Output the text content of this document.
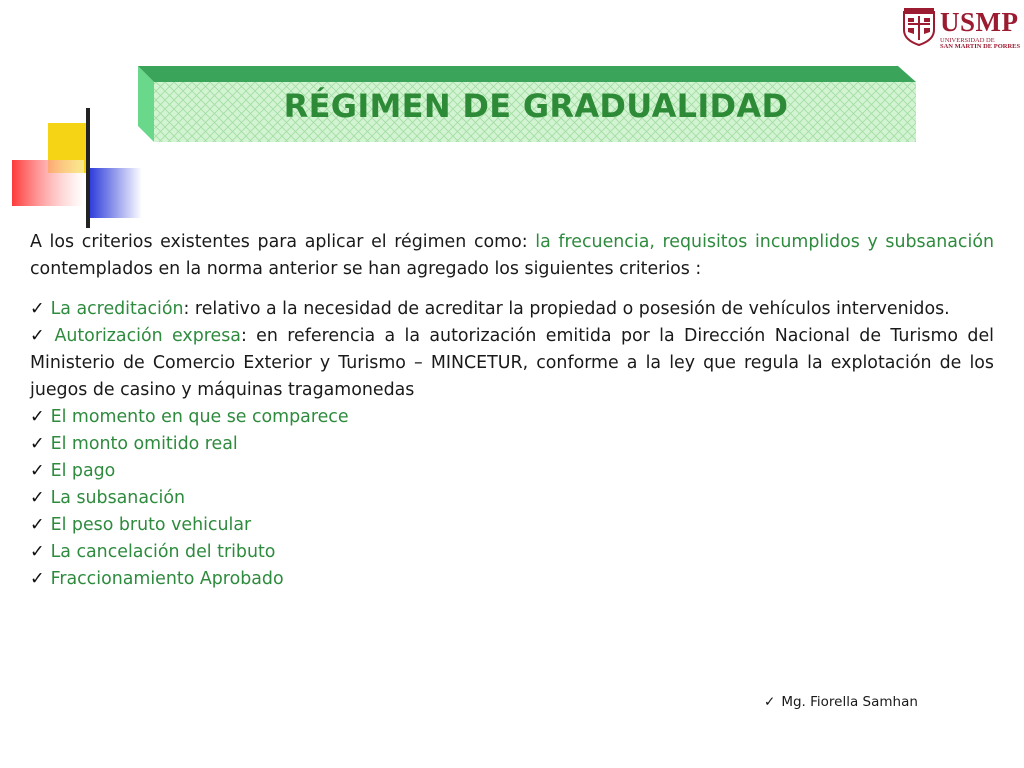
USMP
UNIVERSIDAD DE
SAN MARTIN DE PORRES
RÉGIMEN DE GRADUALIDAD

A los criterios existentes para aplicar el régimen como: la frecuencia, requisitos incumplidos y subsanación contemplados en la norma anterior se han agregado los siguientes criterios :

✓ La acreditación: relativo a la necesidad de acreditar la propiedad o posesión de vehículos intervenidos.

✓ Autorización expresa: en referencia a la autorización emitida por la Dirección Nacional de Turismo del Ministerio de Comercio Exterior y Turismo – MINCETUR, conforme a la ley que regula la explotación de los juegos de casino y máquinas tragamonedas

✓ El momento en que se comparece

✓ El monto omitido real

✓ El pago

✓ La subsanación

✓ El peso bruto vehicular

✓ La cancelación del tributo

✓ Fraccionamiento Aprobado

✓ Mg. Fiorella Samhan
